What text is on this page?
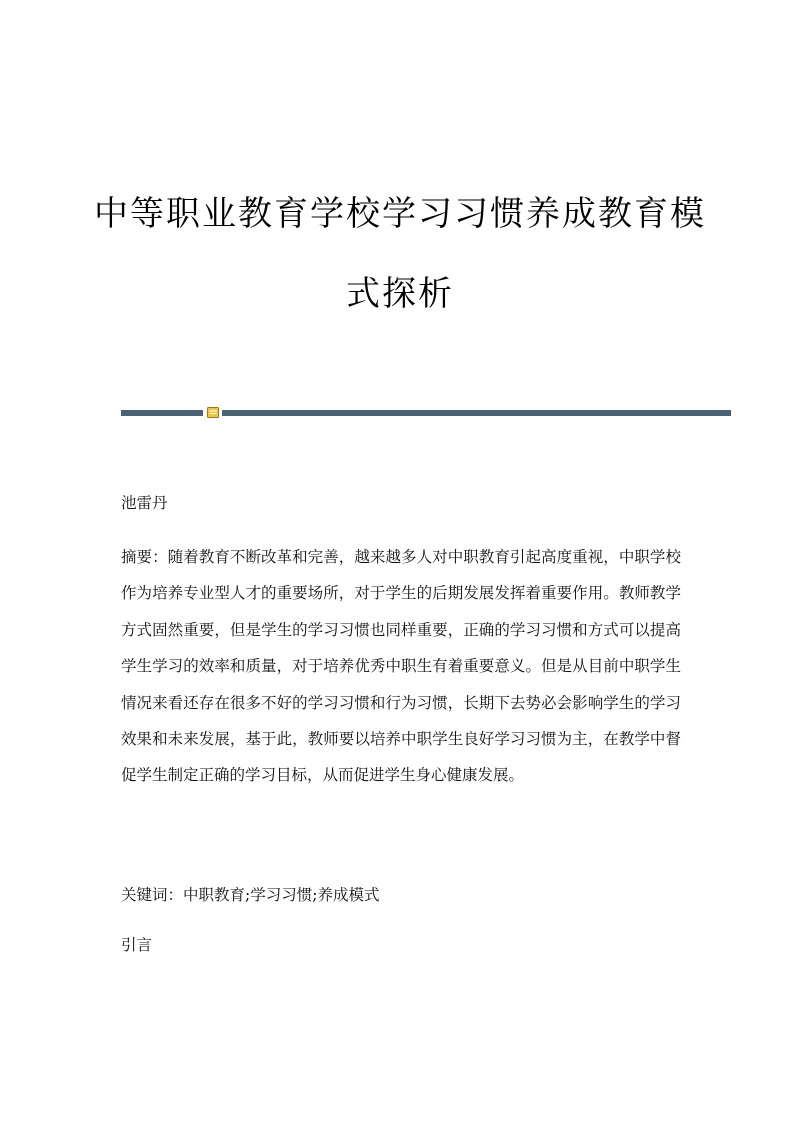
中等职业教育学校学习习惯养成教育模
式探析
池雷丹
摘要：随着教育不断改革和完善，越来越多人对中职教育引起高度重视，中职学校作为培养专业型人才的重要场所，对于学生的后期发展发挥着重要作用。教师教学方式固然重要，但是学生的学习习惯也同样重要，正确的学习习惯和方式可以提高学生学习的效率和质量，对于培养优秀中职生有着重要意义。但是从目前中职学生情况来看还存在很多不好的学习习惯和行为习惯，长期下去势必会影响学生的学习效果和未来发展，基于此，教师要以培养中职学生良好学习习惯为主，在教学中督促学生制定正确的学习目标，从而促进学生身心健康发展。
关键词：中职教育;学习习惯;养成模式
引言
